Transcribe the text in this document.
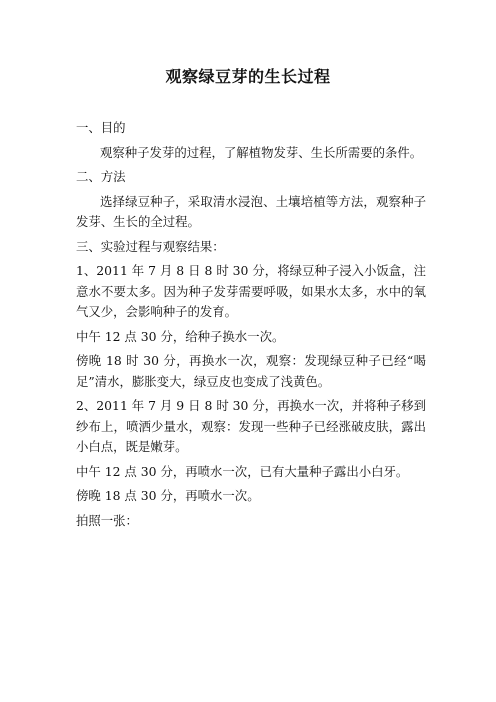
观察绿豆芽的生长过程

一、目的

观察种子发芽的过程，了解植物发芽、生长所需要的条件。

二、方法

选择绿豆种子，采取清水浸泡、土壤培植等方法，观察种子发芽、生长的全过程。

三、实验过程与观察结果：

1、2011 年 7 月 8 日 8 时 30 分，将绿豆种子浸入小饭盒，注意水不要太多。因为种子发芽需要呼吸，如果水太多，水中的氧气又少，会影响种子的发育。

中午 12 点 30 分，给种子换水一次。

傍晚 18 时 30 分，再换水一次，观察：发现绿豆种子已经“喝足”清水，膨胀变大，绿豆皮也变成了浅黄色。

2、2011 年 7 月 9 日 8 时 30 分，再换水一次，并将种子移到纱布上，喷洒少量水，观察：发现一些种子已经涨破皮肤，露出小白点，既是嫩芽。

中午 12 点 30 分，再喷水一次，已有大量种子露出小白牙。

傍晚 18 点 30 分，再喷水一次。

拍照一张：
